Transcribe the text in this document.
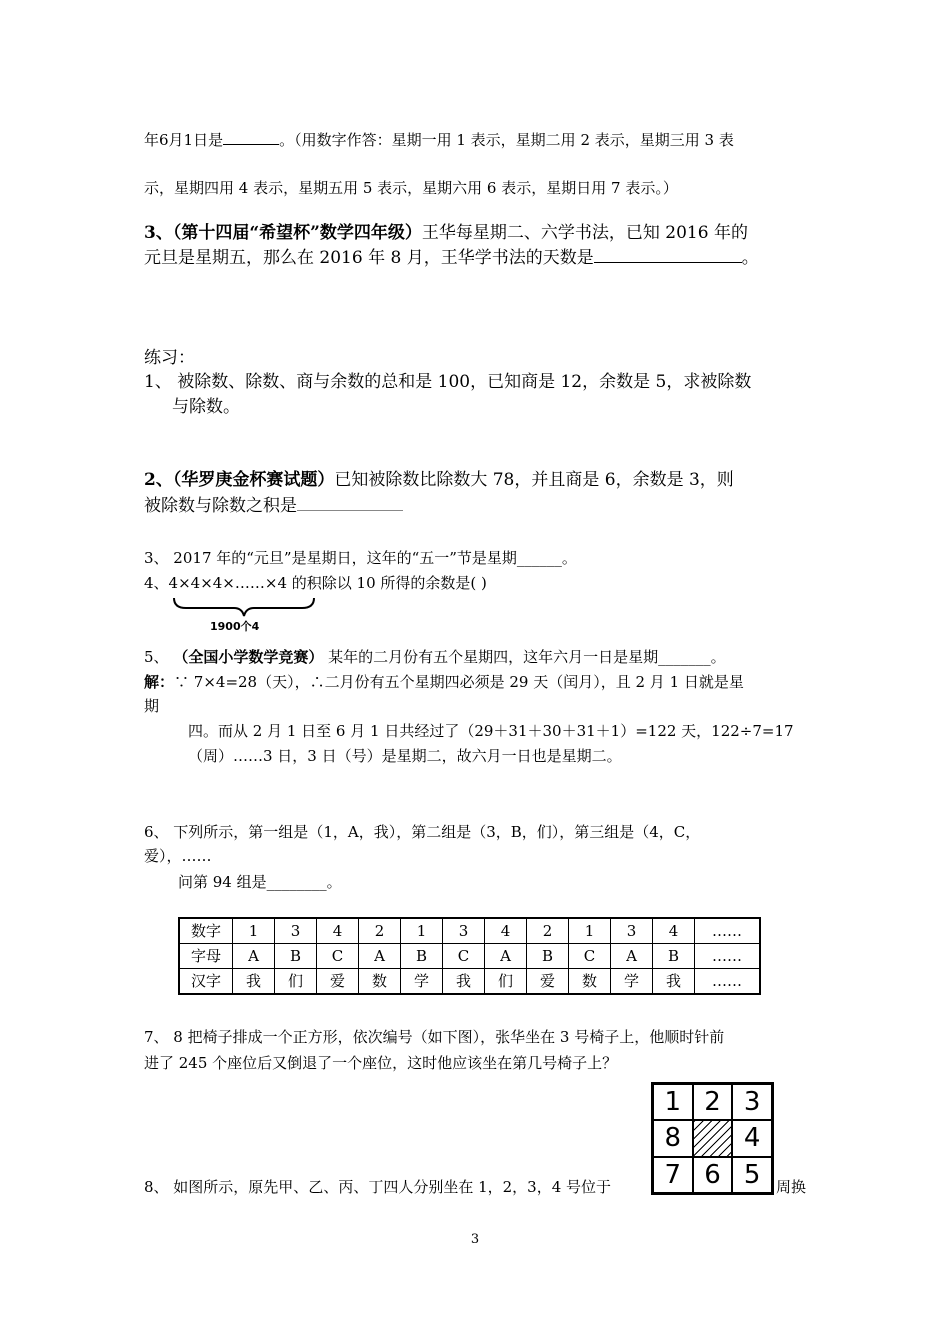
年6月1日是	。（用数字作答：星期一用 1 表示，星期二用 2 表示，星期三用 3 表
示，星期四用 4 表示，星期五用 5 表示，星期六用 6 表示，星期日用 7 表示。）
3、（第十四届“希望杯”数学四年级）王华每星期二、六学书法，已知 2016 年的
元旦是星期五，那么在 2016 年 8 月，王华学书法的天数是	。
练习：
1、 被除数、除数、商与余数的总和是 100，已知商是 12，余数是 5，求被除数
与除数。
2、（华罗庚金杯赛试题）已知被除数比除数大 78，并且商是 6，余数是 3，则
被除数与除数之积是
3、 2017 年的“元旦”是星期日，这年的“五一”节是星期______。
4、4×4×4×……×4 的积除以 10 所得的余数是( )
1900个4
5、 （全国小学数学竞赛） 某年的二月份有五个星期四，这年六月一日是星期_______。
解：∵ 7×4=28（天），∴二月份有五个星期四必须是 29 天（闰月），且 2 月 1 日就是星
期
四。而从 2 月 1 日至 6 月 1 日共经过了（29＋31＋30＋31＋1）=122 天，122÷7=17
（周）……3 日，3 日（号）是星期二，故六月一日也是星期二。
6、 下列所示，第一组是（1，A，我），第二组是（3，B，们），第三组是（4，C，
爱），……
问第 94 组是________。
数字	1	3	4	2	1	3	4	2	1	3	4	……
字母	A	B	C	A	B	C	A	B	C	A	B	……
汉字	我	们	爱	数	学	我	们	爱	数	学	我	……
7、 8 把椅子排成一个正方形，依次编号（如下图），张华坐在 3 号椅子上，他顺时针前
进了 245 个座位后又倒退了一个座位，这时他应该坐在第几号椅子上？
1 2 3
8	4
7 6 5
8、 如图所示，原先甲、乙、丙、丁四人分别坐在 1，2，3，4 号位于	周换
3
